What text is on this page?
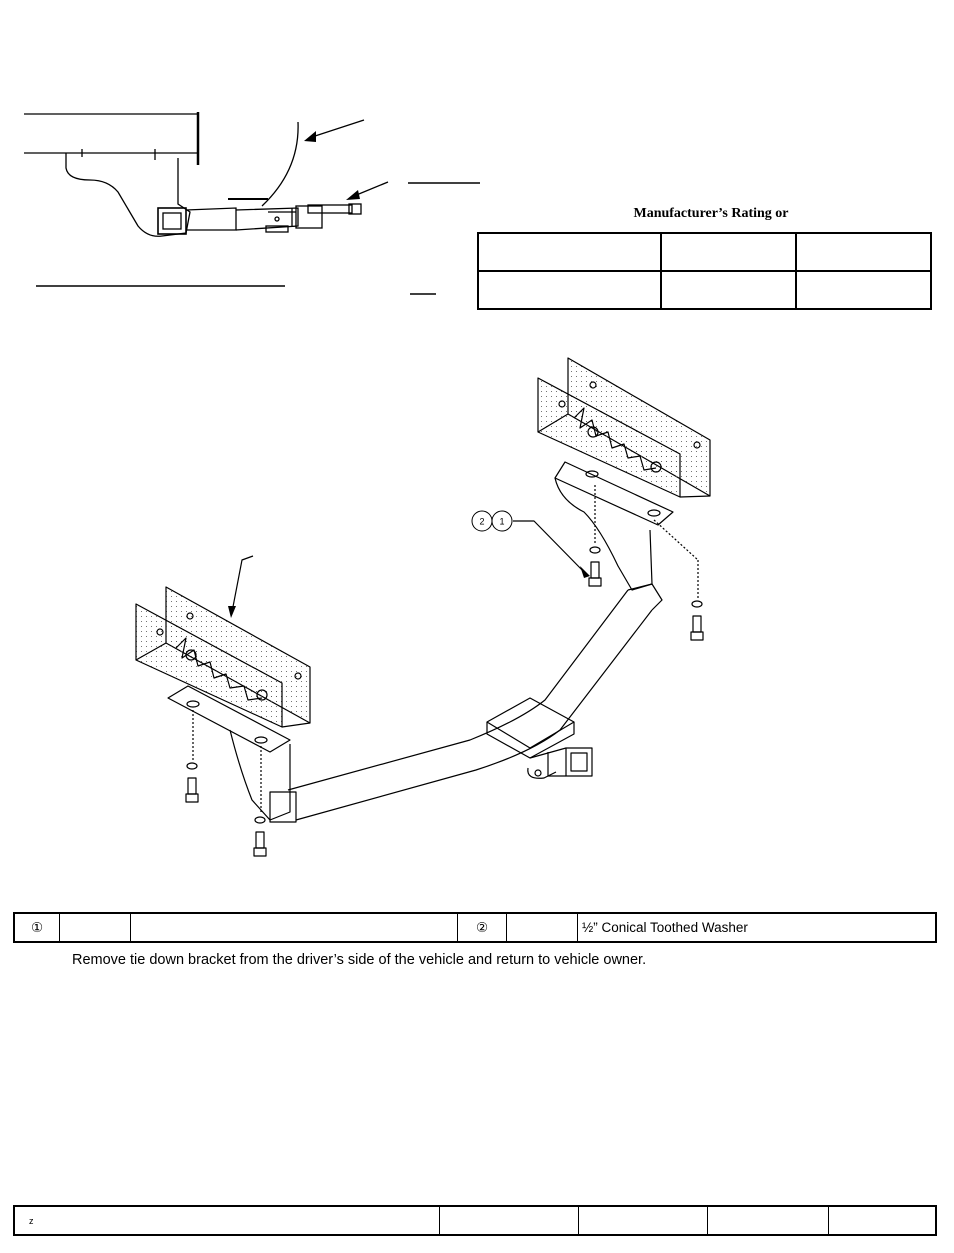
Manufacturer’s Rating or

2 1
①			②		½” Conical Toothed Washer
Remove tie down bracket from the driver’s side of the vehicle and return to vehicle owner.
z				
